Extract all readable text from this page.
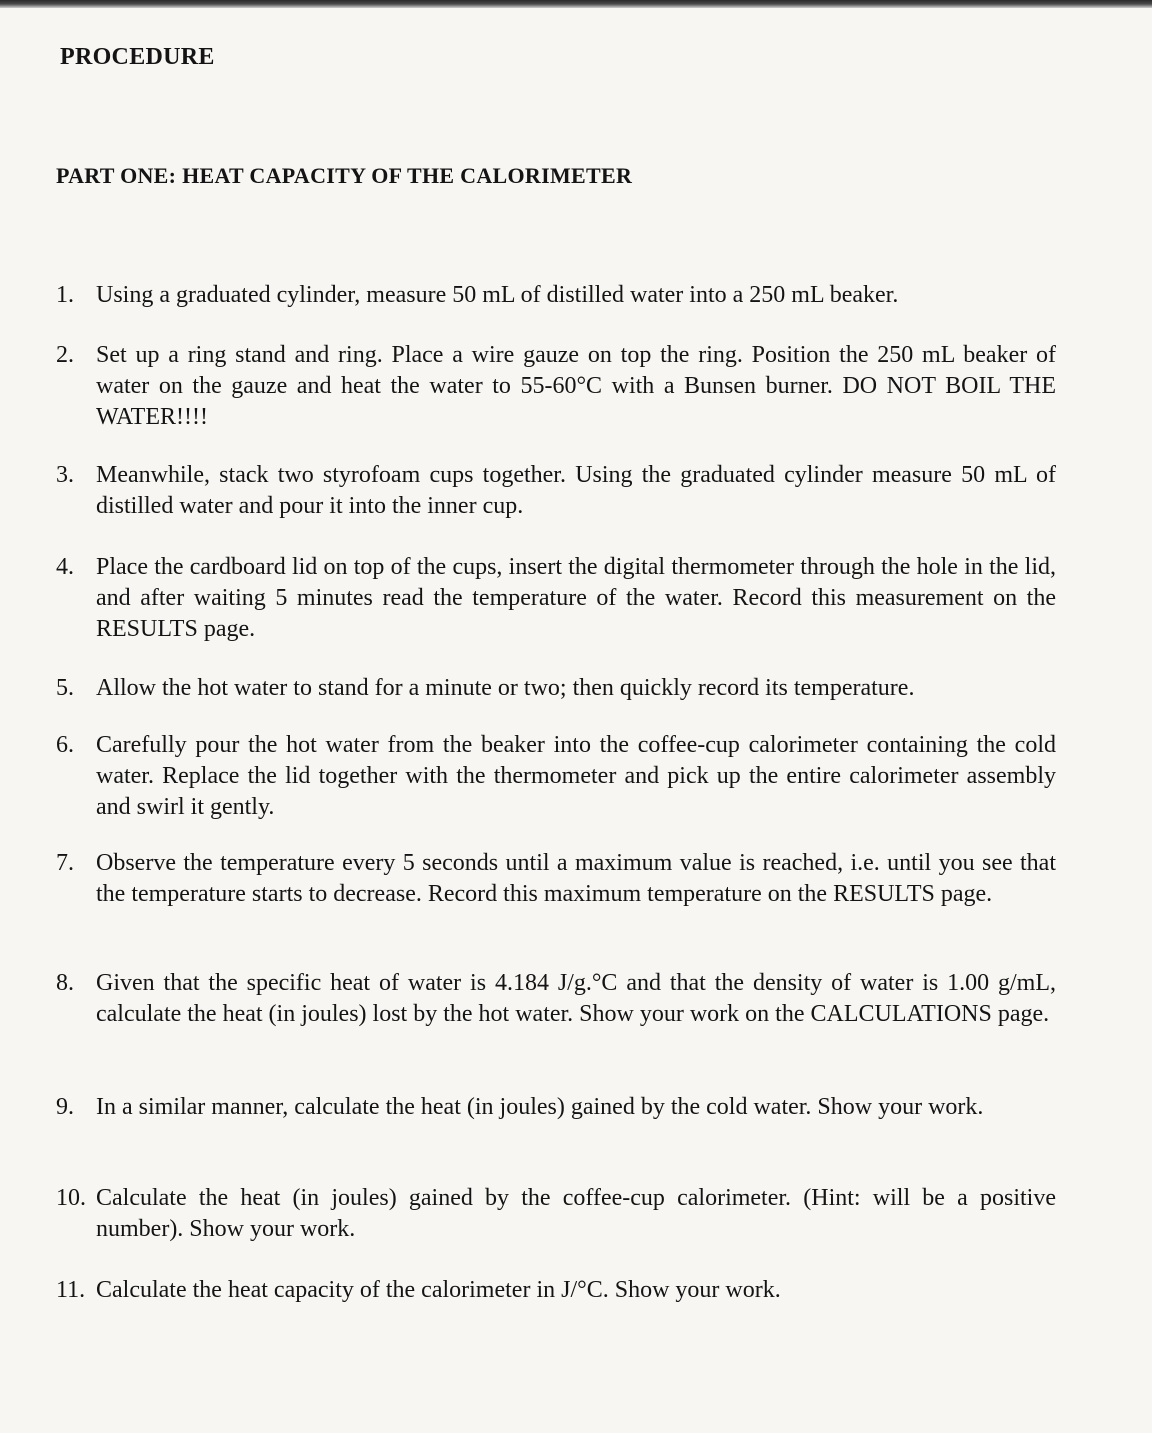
PROCEDURE
PART ONE: HEAT CAPACITY OF THE CALORIMETER
1. Using a graduated cylinder, measure 50 mL of distilled water into a 250 mL beaker.
2. Set up a ring stand and ring. Place a wire gauze on top the ring. Position the 250 mL beaker of water on the gauze and heat the water to 55-60°C with a Bunsen burner. DO NOT BOIL THE WATER!!!!
3. Meanwhile, stack two styrofoam cups together. Using the graduated cylinder measure 50 mL of distilled water and pour it into the inner cup.
4. Place the cardboard lid on top of the cups, insert the digital thermometer through the hole in the lid, and after waiting 5 minutes read the temperature of the water. Record this measurement on the RESULTS page.
5. Allow the hot water to stand for a minute or two; then quickly record its temperature.
6. Carefully pour the hot water from the beaker into the coffee-cup calorimeter containing the cold water. Replace the lid together with the thermometer and pick up the entire calorimeter assembly and swirl it gently.
7. Observe the temperature every 5 seconds until a maximum value is reached, i.e. until you see that the temperature starts to decrease. Record this maximum temperature on the RESULTS page.
8. Given that the specific heat of water is 4.184 J/g.°C and that the density of water is 1.00 g/mL, calculate the heat (in joules) lost by the hot water. Show your work on the CALCULATIONS page.
9. In a similar manner, calculate the heat (in joules) gained by the cold water. Show your work.
10. Calculate the heat (in joules) gained by the coffee-cup calorimeter. (Hint: will be a positive number). Show your work.
11. Calculate the heat capacity of the calorimeter in J/°C. Show your work.
